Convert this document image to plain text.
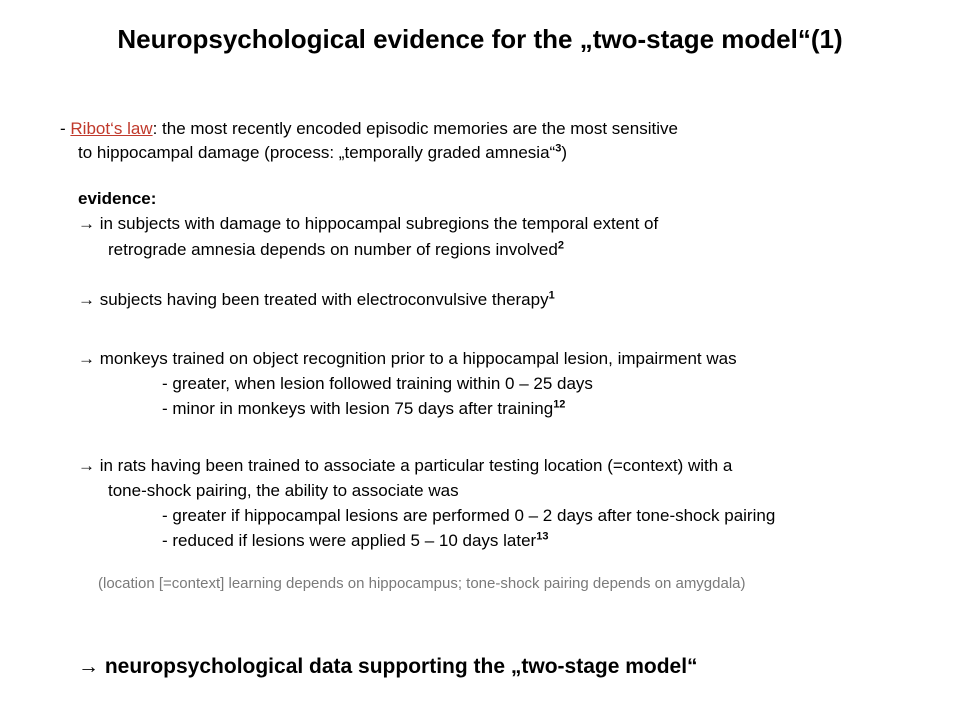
Neuropsychological evidence for the „two-stage model“(1)
- Ribot‘s law: the most recently encoded episodic memories are the most sensitive
to hippocampal damage (process: „temporally graded amnesia“$^3$)
evidence:
→ in subjects with damage to hippocampal subregions the temporal extent of
retrograde amnesia depends on number of regions involved$^2$
→ subjects having been treated with electroconvulsive therapy$^1$
→ monkeys trained on object recognition prior to a hippocampal lesion, impairment was
- greater, when lesion followed training within 0 – 25 days
- minor in monkeys with lesion 75 days after training$^{12}$
→ in rats having been trained to associate a particular testing location (=context) with a
tone-shock pairing, the ability to associate was
- greater if hippocampal lesions are performed 0 – 2 days after tone-shock pairing
- reduced if lesions were applied 5 – 10 days later$^{13}$
(location [=context] learning depends on hippocampus; tone-shock pairing depends on amygdala)
→ neuropsychological data supporting the „two-stage model“
